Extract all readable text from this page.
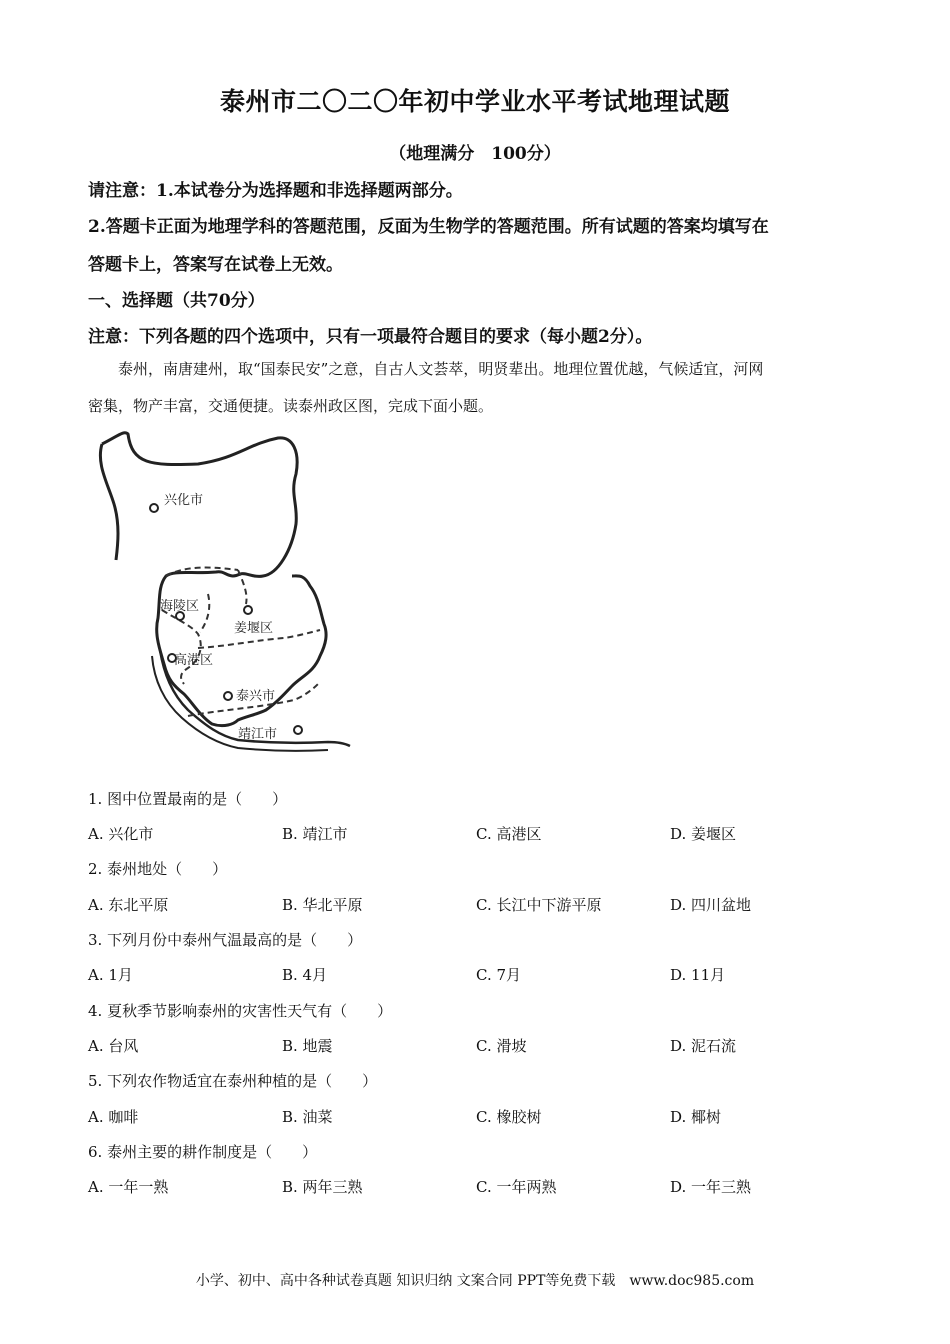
泰州市二〇二〇年初中学业水平考试地理试题
（地理满分　100分）
请注意：1.本试卷分为选择题和非选择题两部分。
2.答题卡正面为地理学科的答题范围，反面为生物学的答题范围。所有试题的答案均填写在
答题卡上，答案写在试卷上无效。
一、选择题（共70分）
注意：下列各题的四个选项中，只有一项最符合题目的要求（每小题2分）。
泰州，南唐建州，取“国泰民安”之意，自古人文荟萃，明贤辈出。地理位置优越，气候适宜，河网
密集，物产丰富，交通便捷。读泰州政区图，完成下面小题。
兴化市
海陵区
姜堰区
高港区
泰兴市
靖江市
1. 图中位置最南的是（　　）
A. 兴化市	B. 靖江市	C. 高港区	D. 姜堰区
2. 泰州地处（　　）
A. 东北平原	B. 华北平原	C. 长江中下游平原	D. 四川盆地
3. 下列月份中泰州气温最高的是（　　）
A. 1月	B. 4月	C. 7月	D. 11月
4. 夏秋季节影响泰州的灾害性天气有（　　）
A. 台风	B. 地震	C. 滑坡	D. 泥石流
5. 下列农作物适宜在泰州种植的是（　　）
A. 咖啡	B. 油菜	C. 橡胶树	D. 椰树
6. 泰州主要的耕作制度是（　　）
A. 一年一熟	B. 两年三熟	C. 一年两熟	D. 一年三熟
小学、初中、高中各种试卷真题 知识归纳 文案合同 PPT等免费下载　www.doc985.com
